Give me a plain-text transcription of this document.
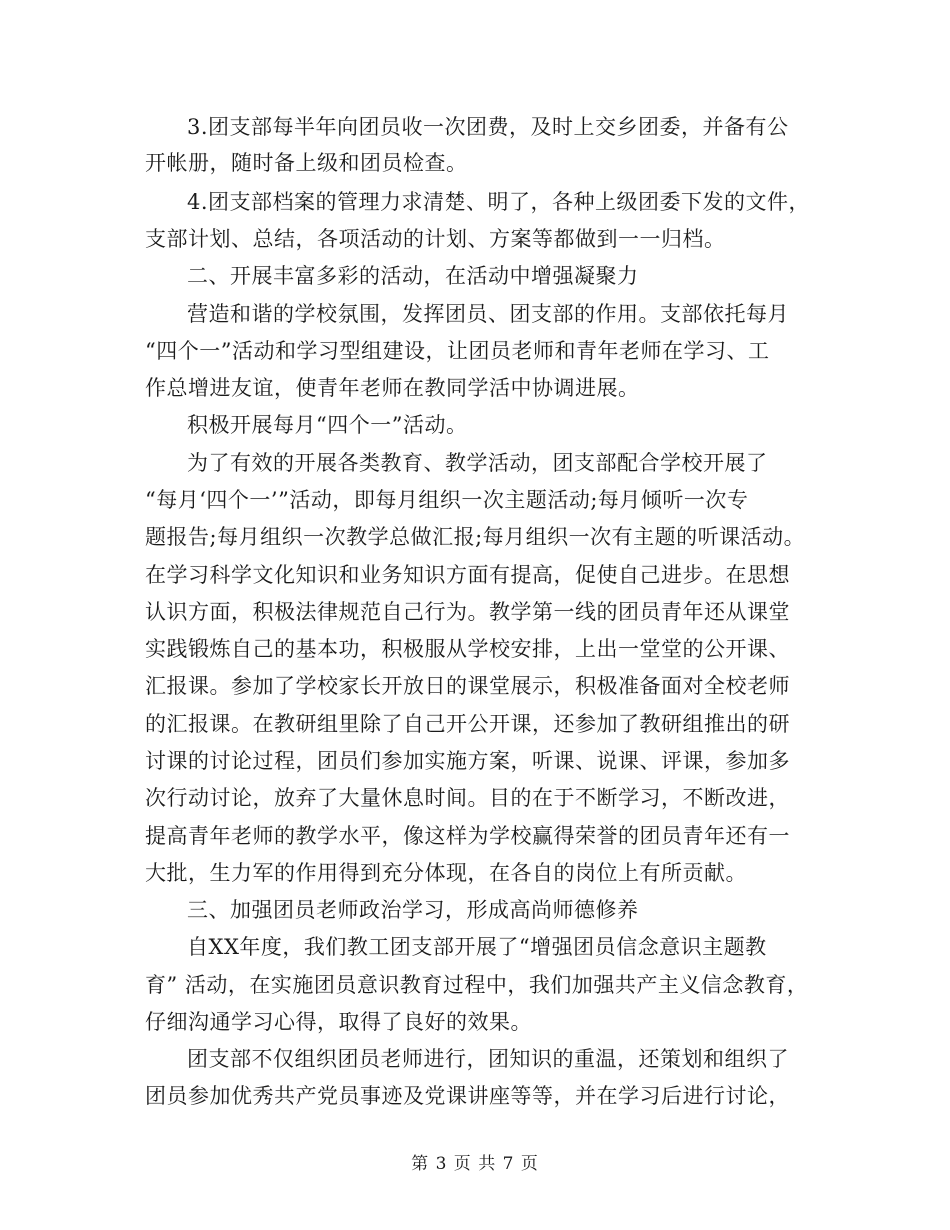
3.团支部每半年向团员收一次团费，及时上交乡团委，并备有公
开帐册，随时备上级和团员检查。
4.团支部档案的管理力求清楚、明了，各种上级团委下发的文件，
支部计划、总结，各项活动的计划、方案等都做到一一归档。
二、开展丰富多彩的活动，在活动中增强凝聚力
营造和谐的学校氛围，发挥团员、团支部的作用。支部依托每月
“四个一”活动和学习型组建设，让团员老师和青年老师在学习、工
作总增进友谊，使青年老师在教同学活中协调进展。
积极开展每月“四个一”活动。
为了有效的开展各类教育、教学活动，团支部配合学校开展了
“每月‘四个一’”活动，即每月组织一次主题活动;每月倾听一次专
题报告;每月组织一次教学总做汇报;每月组织一次有主题的听课活动。
在学习科学文化知识和业务知识方面有提高，促使自己进步。在思想
认识方面，积极法律规范自己行为。教学第一线的团员青年还从课堂
实践锻炼自己的基本功，积极服从学校安排，上出一堂堂的公开课、
汇报课。参加了学校家长开放日的课堂展示，积极准备面对全校老师
的汇报课。在教研组里除了自己开公开课，还参加了教研组推出的研
讨课的讨论过程，团员们参加实施方案，听课、说课、评课，参加多
次行动讨论，放弃了大量休息时间。目的在于不断学习，不断改进，
提高青年老师的教学水平，像这样为学校赢得荣誉的团员青年还有一
大批，生力军的作用得到充分体现，在各自的岗位上有所贡献。
三、加强团员老师政治学习，形成高尚师德修养
自XX年度，我们教工团支部开展了“增强团员信念意识主题教
育” 活动，在实施团员意识教育过程中，我们加强共产主义信念教育，
仔细沟通学习心得，取得了良好的效果。
团支部不仅组织团员老师进行，团知识的重温，还策划和组织了
团员参加优秀共产党员事迹及党课讲座等等，并在学习后进行讨论，
第 3 页 共 7 页
